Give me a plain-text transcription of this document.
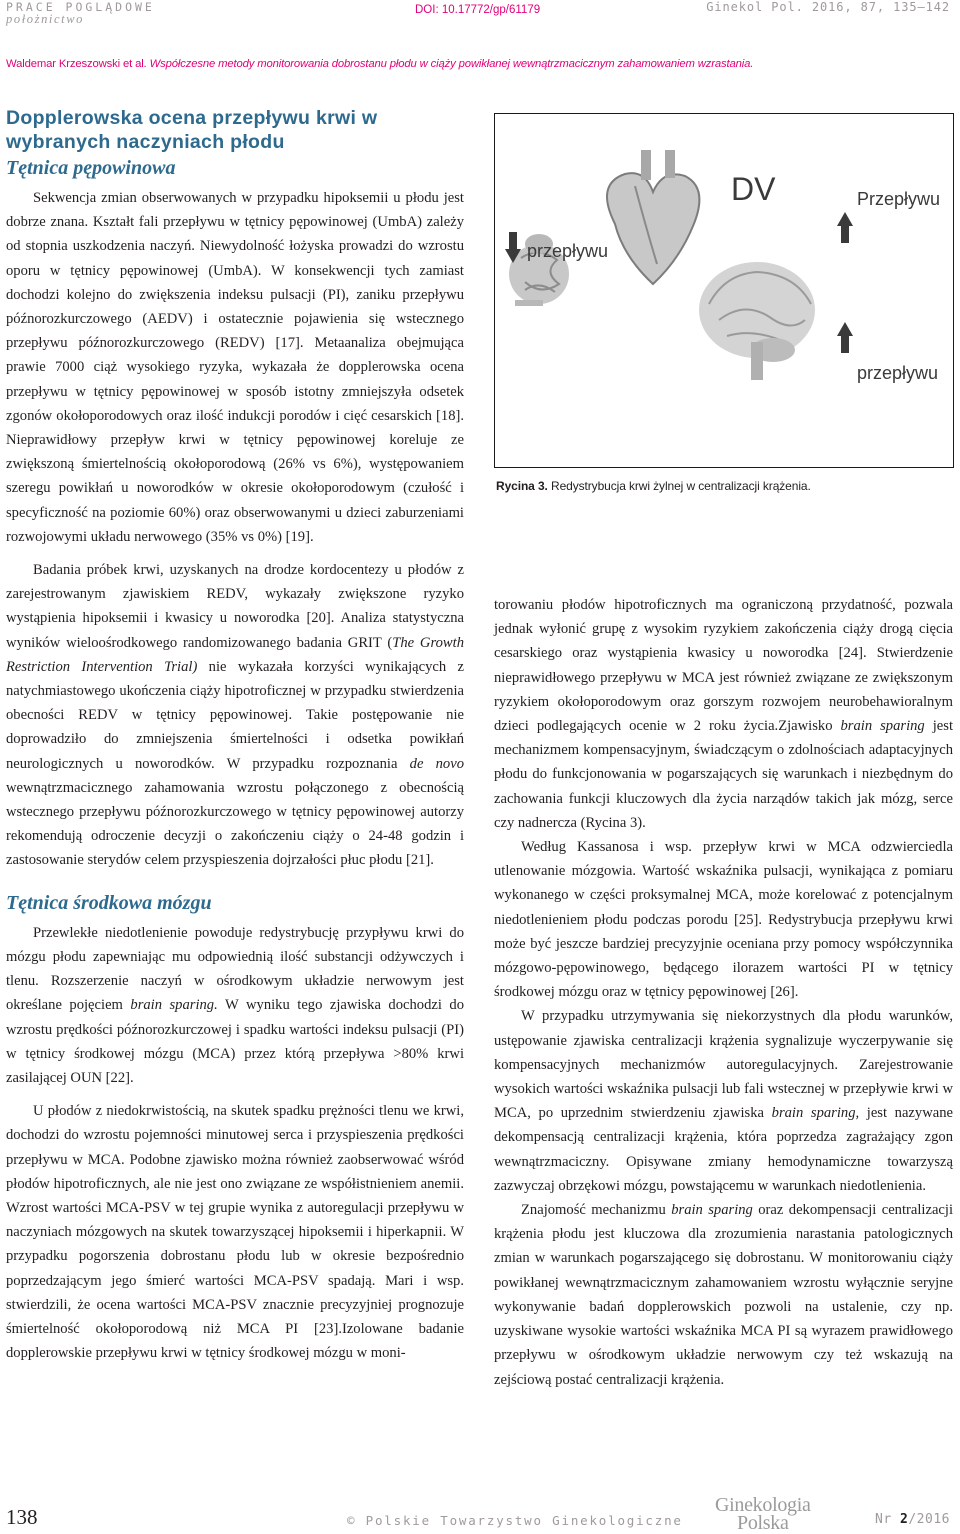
PRACE POGLĄDOWE
położnictwo
DOI: 10.17772/gp/61179	Ginekol Pol. 2016, 87, 135–142
Waldemar Krzeszowski et al. Współczesne metody monitorowania dobrostanu płodu w ciąży powikłanej wewnątrzmacicznym zahamowaniem wzrastania.
Dopplerowska ocena przepływu krwi w wybranych naczyniach płodu
Tętnica pępowinowa

Sekwencja zmian obserwowanych w przypadku hipoksemii u płodu jest dobrze znana. Kształt fali przepływu w tętnicy pępowinowej (UmbA) zależy od stopnia uszkodzenia naczyń. Niewydolność łożyska prowadzi do wzrostu oporu w tętnicy pępowinowej (UmbA). W konsekwencji tych zamiast dochodzi kolejno do zwiększenia indeksu pulsacji (PI), zaniku przepływu późnorozkurczowego (AEDV) i ostatecznie pojawienia się wstecznego przepływu późnorozkurczowego (REDV) [17]. Metaanaliza obejmująca prawie 7000 ciąż wysokiego ryzyka, wykazała że dopplerowska ocena przepływu w tętnicy pępowinowej w sposób istotny zmniejszyła odsetek zgonów okołoporodowych oraz ilość indukcji porodów i cięć cesarskich [18]. Nieprawidłowy przepływ krwi w tętnicy pępowinowej koreluje ze zwiększoną śmiertelnością okołoporodową (26% vs 6%), występowaniem szeregu powikłań u noworodków w okresie okołoporodowym (czułość i specyficzność na poziomie 60%) oraz obserwowanymi u dzieci zaburzeniami rozwojowymi układu nerwowego (35% vs 0%) [19].

Badania próbek krwi, uzyskanych na drodze kordocentezy u płodów z zarejestrowanym zjawiskiem REDV, wykazały zwiększone ryzyko wystąpienia hipoksemii i kwasicy u noworodka [20]. Analiza statystyczna wyników wieloośrodkowego randomizowanego badania GRIT (The Growth Restriction Intervention Trial) nie wykazała korzyści wynikających z natychmiastowego ukończenia ciąży hipotroficznej w przypadku stwierdzenia obecności REDV w tętnicy pępowinowej. Takie postępowanie nie doprowadziło do zmniejszenia śmiertelności i odsetka powikłań neurologicznych u noworodków. W przypadku rozpoznania de novo wewnątrzmacicznego zahamowania wzrostu połączonego z obecnością wstecznego przepływu późnorozkurczowego w tętnicy pępowinowej autorzy rekomendują odroczenie decyzji o zakończeniu ciąży o 24-48 godzin i zastosowanie sterydów celem przyspieszenia dojrzałości płuc płodu [21].

Tętnica środkowa mózgu

Przewlekłe niedotlenienie powoduje redystrybucję przypływu krwi do mózgu płodu zapewniając mu odpowiednią ilość substancji odżywczych i tlenu. Rozszerzenie naczyń w ośrodkowym układzie nerwowym jest określane pojęciem brain sparing. W wyniku tego zjawiska dochodzi do wzrostu prędkości późnorozkurczowej i spadku wartości indeksu pulsacji (PI) w tętnicy środkowej mózgu (MCA) przez którą przepływa >80% krwi zasilającej OUN [22].

U płodów z niedokrwistością, na skutek spadku prężności tlenu we krwi, dochodzi do wzrostu pojemności minutowej serca i przyspieszenia prędkości przepływu w MCA. Podobne zjawisko można również zaobserwować wśród płodów hipotroficznych, ale nie jest ono związane ze współistnieniem anemii. Wzrost wartości MCA-PSV w tej grupie wynika z autoregulacji przepływu w naczyniach mózgowych na skutek towarzyszącej hipoksemii i hiperkapnii. W przypadku pogorszenia dobrostanu płodu lub w okresie bezpośrednio poprzedzającym jego śmierć wartości MCA-PSV spadają. Mari i wsp. stwierdzili, że ocena wartości MCA-PSV znacznie precyzyjniej prognozuje śmiertelność okołoporodową niż MCA PI [23].Izolowane badanie dopplerowskie przepływu krwi w tętnicy środkowej mózgu w moni-

DV	Przepływu
przepływu
przepływu
Rycina 3. Redystrybucja krwi żylnej w centralizacji krążenia.

torowaniu płodów hipotroficznych ma ograniczoną przydatność, pozwala jednak wyłonić grupę z wysokim ryzykiem zakończenia ciąży drogą cięcia cesarskiego oraz wystąpienia kwasicy u noworodka [24]. Stwierdzenie nieprawidłowego przepływu w MCA jest również związane ze zwiększonym ryzykiem okołoporodowym oraz gorszym rozwojem neurobehawioralnym dzieci podlegających ocenie w 2 roku życia.Zjawisko brain sparing jest mechanizmem kompensacyjnym, świadczącym o zdolnościach adaptacyjnych płodu do funkcjonowania w pogarszających się warunkach i niezbędnym do zachowania funkcji kluczowych dla życia narządów takich jak mózg, serce czy nadnercza (Rycina 3).

Według Kassanosa i wsp. przepływ krwi w MCA odzwierciedla utlenowanie mózgowia. Wartość wskaźnika pulsacji, wynikająca z pomiaru wykonanego w części proksymalnej MCA, może korelować z potencjalnym niedotlenieniem płodu podczas porodu [25]. Redystrybucja przepływu krwi może być jeszcze bardziej precyzyjnie oceniana przy pomocy współczynnika mózgowo-pępowinowego, będącego ilorazem wartości PI w tętnicy środkowej mózgu oraz w tętnicy pępowinowej [26].

W przypadku utrzymywania się niekorzystnych dla płodu warunków, ustępowanie zjawiska centralizacji krążenia sygnalizuje wyczerpywanie się kompensacyjnych mechanizmów autoregulacyjnych. Zarejestrowanie wysokich wartości wskaźnika pulsacji lub fali wstecznej w przepływie krwi w MCA, po uprzednim stwierdzeniu zjawiska brain sparing, jest nazywane dekompensacją centralizacji krążenia, która poprzedza zagrażający zgon wewnątrzmaciczny. Opisywane zmiany hemodynamiczne towarzyszą zazwyczaj obrzękowi mózgu, powstającemu w warunkach niedotlenienia.

Znajomość mechanizmu brain sparing oraz dekompensacji centralizacji krążenia płodu jest kluczowa dla zrozumienia narastania patologicznych zmian w warunkach pogarszającego się dobrostanu. W monitorowaniu ciąży powikłanej wewnątrzmacicznym zahamowaniem wzrostu wyłącznie seryjne wykonywanie badań dopplerowskich pozwoli na ustalenie, czy np. uzyskiwane wysokie wartości wskaźnika MCA PI są wyrazem prawidłowego przepływu w ośrodkowym układzie nerwowym czy też wskazują na zejściową postać centralizacji krążenia.

138	© Polskie Towarzystwo Ginekologiczne
Ginekologia
Polska	Nr 2/2016
